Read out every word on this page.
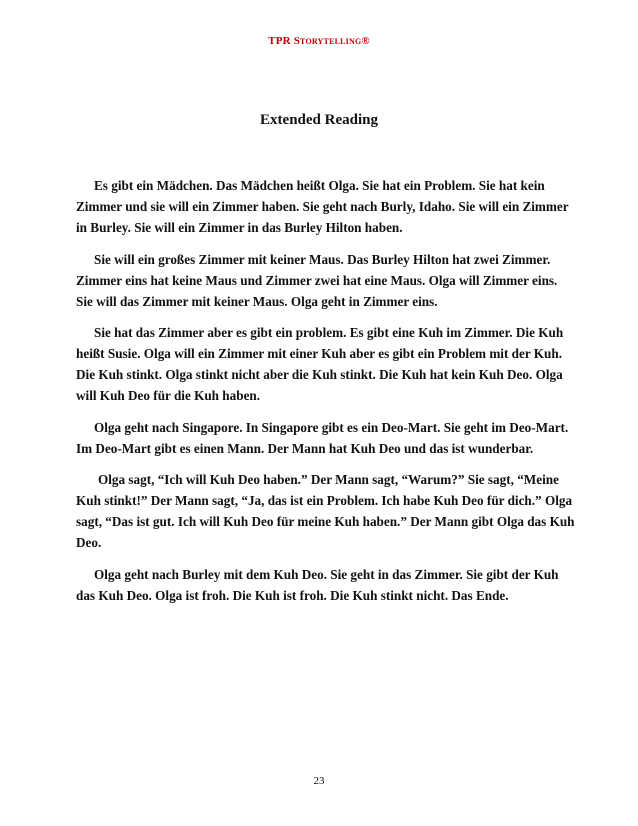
TPR Storytelling®
Extended Reading

Es gibt ein Mädchen. Das Mädchen heißt Olga. Sie hat ein Problem. Sie hat kein Zimmer und sie will ein Zimmer haben. Sie geht nach Burly, Idaho. Sie will ein Zimmer in Burley. Sie will ein Zimmer in das Burley Hilton haben.

Sie will ein großes Zimmer mit keiner Maus. Das Burley Hilton hat zwei Zimmer. Zimmer eins hat keine Maus und Zimmer zwei hat eine Maus. Olga will Zimmer eins. Sie will das Zimmer mit keiner Maus. Olga geht in Zimmer eins.

Sie hat das Zimmer aber es gibt ein problem. Es gibt eine Kuh im Zimmer. Die Kuh heißt Susie. Olga will ein Zimmer mit einer Kuh aber es gibt ein Problem mit der Kuh. Die Kuh stinkt. Olga stinkt nicht aber die Kuh stinkt. Die Kuh hat kein Kuh Deo. Olga will Kuh Deo für die Kuh haben.

Olga geht nach Singapore. In Singapore gibt es ein Deo-Mart. Sie geht im Deo-Mart. Im Deo-Mart gibt es einen Mann. Der Mann hat Kuh Deo und das ist wunderbar.

Olga sagt, “Ich will Kuh Deo haben.” Der Mann sagt, “Warum?” Sie sagt, “Meine Kuh stinkt!” Der Mann sagt, “Ja, das ist ein Problem. Ich habe Kuh Deo für dich.” Olga sagt, “Das ist gut. Ich will Kuh Deo für meine Kuh haben.” Der Mann gibt Olga das Kuh Deo.

Olga geht nach Burley mit dem Kuh Deo. Sie geht in das Zimmer. Sie gibt der Kuh das Kuh Deo. Olga ist froh. Die Kuh ist froh. Die Kuh stinkt nicht. Das Ende.

23
